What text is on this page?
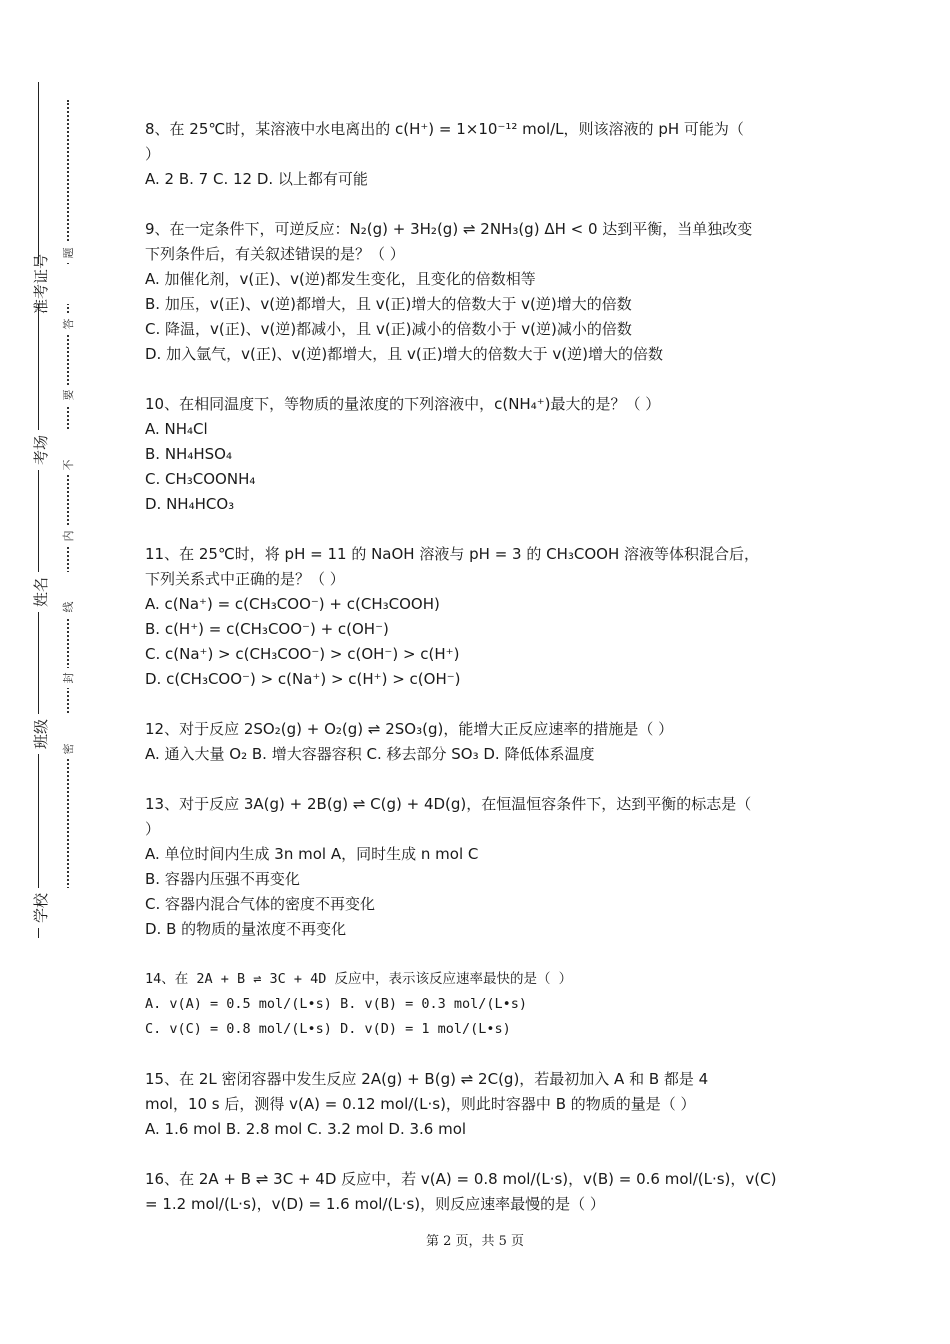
准考证号
考场
姓名
班级
学校
题
答
要
不
内
线
封
密
8、在 25℃时，某溶液中水电离出的 c(H⁺) = 1×10⁻¹² mol/L，则该溶液的 pH 可能为（
）
A. 2 B. 7 C. 12 D. 以上都有可能
9、在一定条件下，可逆反应：N₂(g) + 3H₂(g) ⇌ 2NH₃(g) ΔH < 0 达到平衡，当单独改变
下列条件后，有关叙述错误的是？（ ）
A. 加催化剂，v(正)、v(逆)都发生变化，且变化的倍数相等
B. 加压，v(正)、v(逆)都增大，且 v(正)增大的倍数大于 v(逆)增大的倍数
C. 降温，v(正)、v(逆)都减小，且 v(正)减小的倍数小于 v(逆)减小的倍数
D. 加入氩气，v(正)、v(逆)都增大，且 v(正)增大的倍数大于 v(逆)增大的倍数
10、在相同温度下，等物质的量浓度的下列溶液中，c(NH₄⁺)最大的是？（ ）
A. NH₄Cl
B. NH₄HSO₄
C. CH₃COONH₄
D. NH₄HCO₃
11、在 25℃时，将 pH = 11 的 NaOH 溶液与 pH = 3 的 CH₃COOH 溶液等体积混合后，
下列关系式中正确的是？（ ）
A. c(Na⁺) = c(CH₃COO⁻) + c(CH₃COOH)
B. c(H⁺) = c(CH₃COO⁻) + c(OH⁻)
C. c(Na⁺) > c(CH₃COO⁻) > c(OH⁻) > c(H⁺)
D. c(CH₃COO⁻) > c(Na⁺) > c(H⁺) > c(OH⁻)
12、对于反应 2SO₂(g) + O₂(g) ⇌ 2SO₃(g)，能增大正反应速率的措施是（ ）
A. 通入大量 O₂ B. 增大容器容积 C. 移去部分 SO₃ D. 降低体系温度
13、对于反应 3A(g) + 2B(g) ⇌ C(g) + 4D(g)，在恒温恒容条件下，达到平衡的标志是（
）
A. 单位时间内生成 3n mol A，同时生成 n mol C
B. 容器内压强不再变化
C. 容器内混合气体的密度不再变化
D. B 的物质的量浓度不再变化
14、在 2A + B ⇌ 3C + 4D 反应中，表示该反应速率最快的是（ ）
A. v(A) = 0.5 mol/(L•s) B. v(B) = 0.3 mol/(L•s)
C. v(C) = 0.8 mol/(L•s) D. v(D) = 1 mol/(L•s)
15、在 2L 密闭容器中发生反应 2A(g) + B(g) ⇌ 2C(g)，若最初加入 A 和 B 都是 4
mol，10 s 后，测得 v(A) = 0.12 mol/(L·s)，则此时容器中 B 的物质的量是（ ）
A. 1.6 mol B. 2.8 mol C. 3.2 mol D. 3.6 mol
16、在 2A + B ⇌ 3C + 4D 反应中，若 v(A) = 0.8 mol/(L·s)，v(B) = 0.6 mol/(L·s)，v(C)
= 1.2 mol/(L·s)，v(D) = 1.6 mol/(L·s)，则反应速率最慢的是（ ）
第 2 页，共 5 页
